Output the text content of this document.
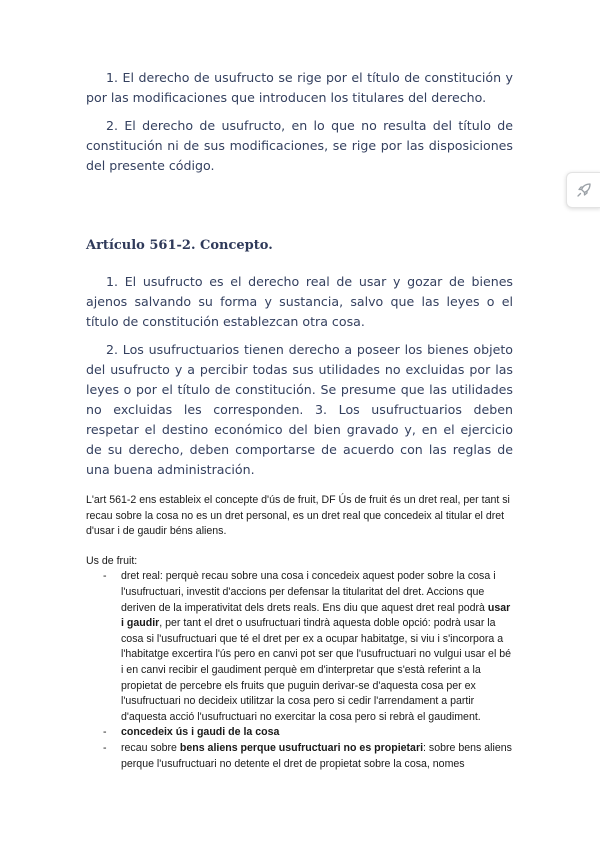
1. El derecho de usufructo se rige por el título de constitución y por las modificaciones que introducen los titulares del derecho.

2. El derecho de usufructo, en lo que no resulta del título de constitución ni de sus modificaciones, se rige por las disposiciones del presente código.

Artículo 561-2. Concepto.

1. El usufructo es el derecho real de usar y gozar de bienes ajenos salvando su forma y sustancia, salvo que las leyes o el título de constitución establezcan otra cosa.

2. Los usufructuarios tienen derecho a poseer los bienes objeto del usufructo y a percibir todas sus utilidades no excluidas por las leyes o por el título de constitución. Se presume que las utilidades no excluidas les corresponden. 3. Los usufructuarios deben respetar el destino económico del bien gravado y, en el ejercicio de su derecho, deben comportarse de acuerdo con las reglas de una buena administración.

L'art 561-2 ens estableix el concepte d'ús de fruit, DF Ús de fruit és un dret real, per tant si recau sobre la cosa no es un dret personal, es un dret real que concedeix al titular el dret d'usar i de gaudir béns aliens.

Us de fruit:

- dret real: perquè recau sobre una cosa i concedeix aquest poder sobre la cosa i l'usufructuari, investit d'accions per defensar la titularitat del dret. Accions que deriven de la imperativitat dels drets reals. Ens diu que aquest dret real podrà usar i gaudir, per tant el dret o usufructuari tindrà aquesta doble opció: podrà usar la cosa si l'usufructuari que té el dret per ex a ocupar habitatge, si viu i s'incorpora a l'habitatge excertira l'ús pero en canvi pot ser que l'usufructuari no vulgui usar el bé i en canvi recibir el gaudiment perquè em d'interpretar que s'està referint a la propietat de percebre els fruits que puguin derivar-se d'aquesta cosa per ex l'usufructuari no decideix utilitzar la cosa pero si cedir l'arrendament a partir d'aquesta acció l'usufructuari no exercitar la cosa pero si rebrà el gaudiment.
- concedeix ús i gaudi de la cosa
- recau sobre bens aliens perque usufructuari no es propietari: sobre bens aliens perque l'usufructuari no detente el dret de propietat sobre la cosa, nomes
